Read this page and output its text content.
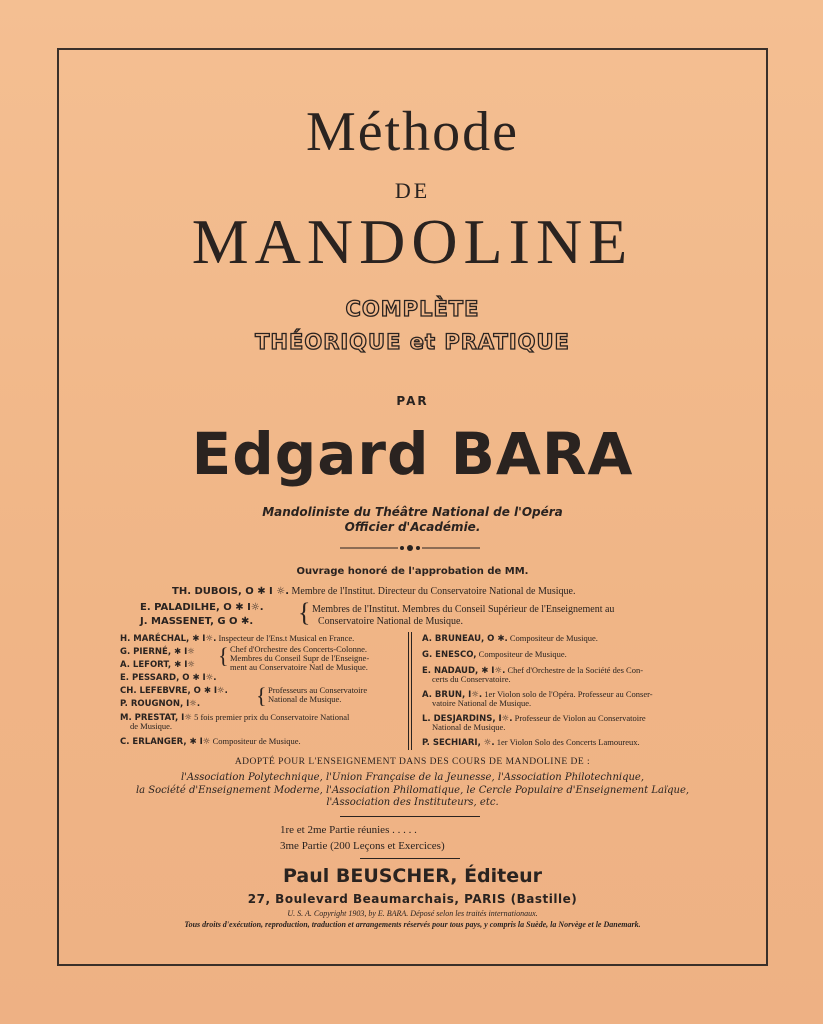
Méthode
DE
MANDOLINE
COMPLÈTE
THÉORIQUE et PRATIQUE
PAR
Edgard BARA
Mandoliniste du Théâtre National de l'Opéra
Officier d'Académie.
Ouvrage honoré de l'approbation de MM.
TH. DUBOIS, O ✱ I ☼. Membre de l'Institut. Directeur du Conservatoire National de Musique.
E. PALADILHE, O ✱ I☼.
J. MASSENET, G O ✱. { Membres de l'Institut. Membres du Conseil Supérieur de l'Enseignement au
Conservatoire National de Musique.
H. MARÉCHAL, ✱ I☼. Inspecteur de l'Ens.t Musical en France.
G. PIERNÉ, ✱ I☼
A. LEFORT, ✱ I☼ { Chef d'Orchestre des Concerts-Colonne.
Membres du Conseil Supr de l'Enseigne-
ment au Conservatoire Natl de Musique.
E. PESSARD, O ✱ I☼.
CH. LEFEBVRE, O ✱ I☼.
P. ROUGNON, I☼.	{ Professeurs au Conservatoire
National de Musique.
M. PRESTAT, I☼ 5 fois premier prix du Conservatoire National
de Musique.
C. ERLANGER, ✱ I☼ Compositeur de Musique.
A. BRUNEAU, O ✱. Compositeur de Musique.
G. ENESCO, Compositeur de Musique.
E. NADAUD, ✱ I☼. Chef d'Orchestre de la Société des Con-
certs du Conservatoire.
A. BRUN, I☼. 1er Violon solo de l'Opéra. Professeur au Conser-
vatoire National de Musique.
L. DESJARDINS, I☼. Professeur de Violon au Conservatoire
National de Musique.
P. SECHIARI, ☼. 1er Violon Solo des Concerts Lamoureux.
ADOPTÉ POUR L'ENSEIGNEMENT DANS DES COURS DE MANDOLINE DE :
l'Association Polytechnique, l'Union Française de la Jeunesse, l'Association Philotechnique,
la Société d'Enseignement Moderne, l'Association Philomatique, le Cercle Populaire d'Enseignement Laïque,
l'Association des Instituteurs, etc.
1re et 2me Partie réunies . . . . .
3me Partie (200 Leçons et Exercices)
Paul BEUSCHER, Éditeur
27, Boulevard Beaumarchais, PARIS (Bastille)
U. S. A. Copyright 1903, by E. BARA. Déposé selon les traités internationaux.
Tous droits d'exécution, reproduction, traduction et arrangements réservés pour tous pays, y compris la Suède, la Norvège et le Danemark.
